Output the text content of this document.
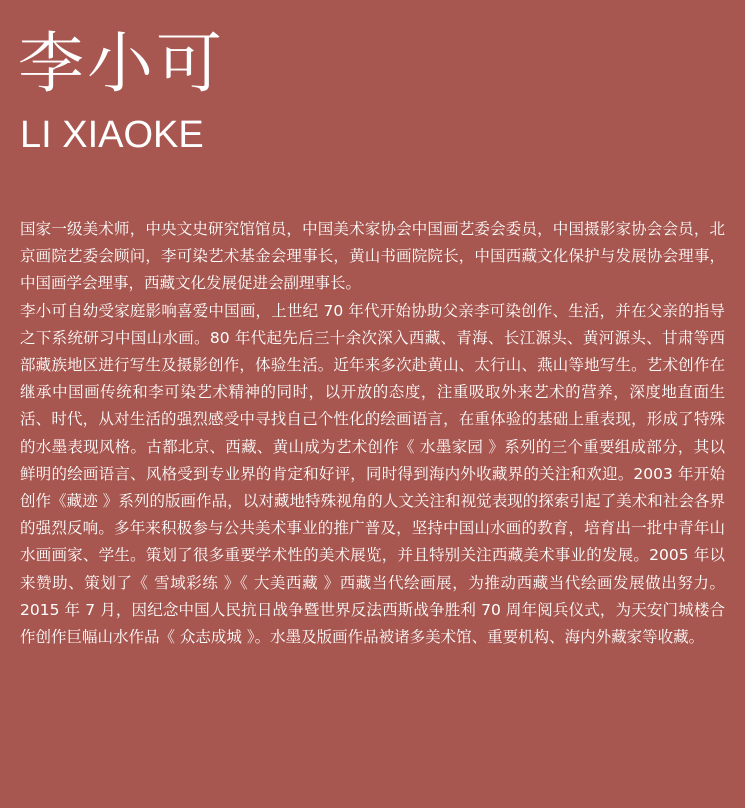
李小可
LI XIAOKE

国家一级美术师，中央文史研究馆馆员，中国美术家协会中国画艺委会委员，中国摄影家协会会员，北京画院艺委会顾问，李可染艺术基金会理事长，黄山书画院院长，中国西藏文化保护与发展协会理事，中国画学会理事，西藏文化发展促进会副理事长。

李小可自幼受家庭影响喜爱中国画，上世纪 70 年代开始协助父亲李可染创作、生活，并在父亲的指导之下系统研习中国山水画。80 年代起先后三十余次深入西藏、青海、长江源头、黄河源头、甘肃等西部藏族地区进行写生及摄影创作，体验生活。近年来多次赴黄山、太行山、燕山等地写生。艺术创作在继承中国画传统和李可染艺术精神的同时，以开放的态度，注重吸取外来艺术的营养，深度地直面生活、时代，从对生活的强烈感受中寻找自己个性化的绘画语言，在重体验的基础上重表现，形成了特殊的水墨表现风格。古都北京、西藏、黄山成为艺术创作《 水墨家园 》系列的三个重要组成部分，其以鲜明的绘画语言、风格受到专业界的肯定和好评，同时得到海内外收藏界的关注和欢迎。2003 年开始创作《藏迹 》系列的版画作品，以对藏地特殊视角的人文关注和视觉表现的探索引起了美术和社会各界的强烈反响。多年来积极参与公共美术事业的推广普及，坚持中国山水画的教育，培育出一批中青年山水画画家、学生。策划了很多重要学术性的美术展览，并且特别关注西藏美术事业的发展。2005 年以来赞助、策划了《 雪域彩练 》《 大美西藏 》西藏当代绘画展，为推动西藏当代绘画发展做出努力。2015 年 7 月，因纪念中国人民抗日战争暨世界反法西斯战争胜利 70 周年阅兵仪式，为天安门城楼合作创作巨幅山水作品《 众志成城 》。水墨及版画作品被诸多美术馆、重要机构、海内外藏家等收藏。
